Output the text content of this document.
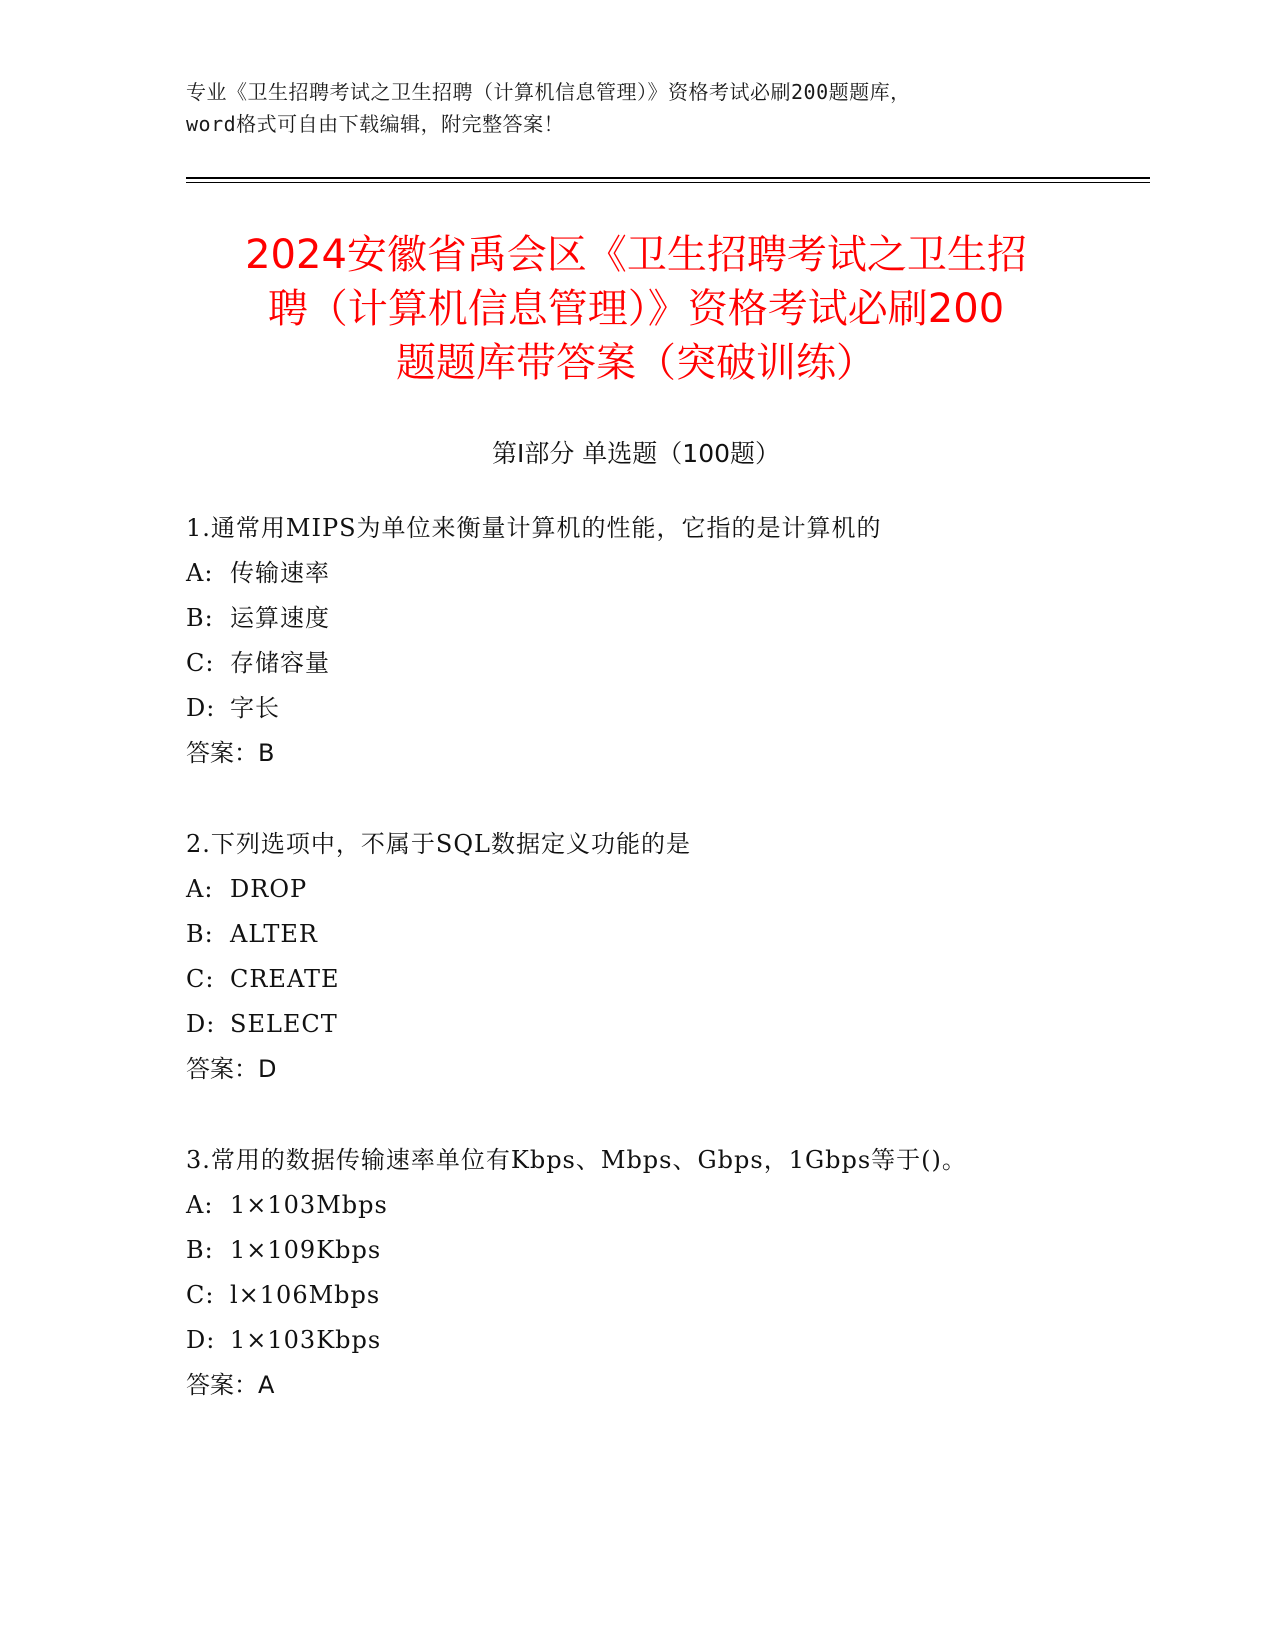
专业《卫生招聘考试之卫生招聘（计算机信息管理）》资格考试必刷200题题库，
word格式可自由下载编辑，附完整答案！
2024安徽省禹会区《卫生招聘考试之卫生招
聘（计算机信息管理）》资格考试必刷200
题题库带答案（突破训练）
第Ⅰ部分 单选题（100题）
1.通常用MIPS为单位来衡量计算机的性能，它指的是计算机的
A: 传输速率
B: 运算速度
C: 存储容量
D: 字长
答案：B
2.下列选项中，不属于SQL数据定义功能的是
A: DROP
B: ALTER
C: CREATE
D: SELECT
答案：D
3.常用的数据传输速率单位有Kbps、Mbps、Gbps，1Gbps等于()。
A: 1×103Mbps
B: 1×109Kbps
C: l×106Mbps
D: 1×103Kbps
答案：A
